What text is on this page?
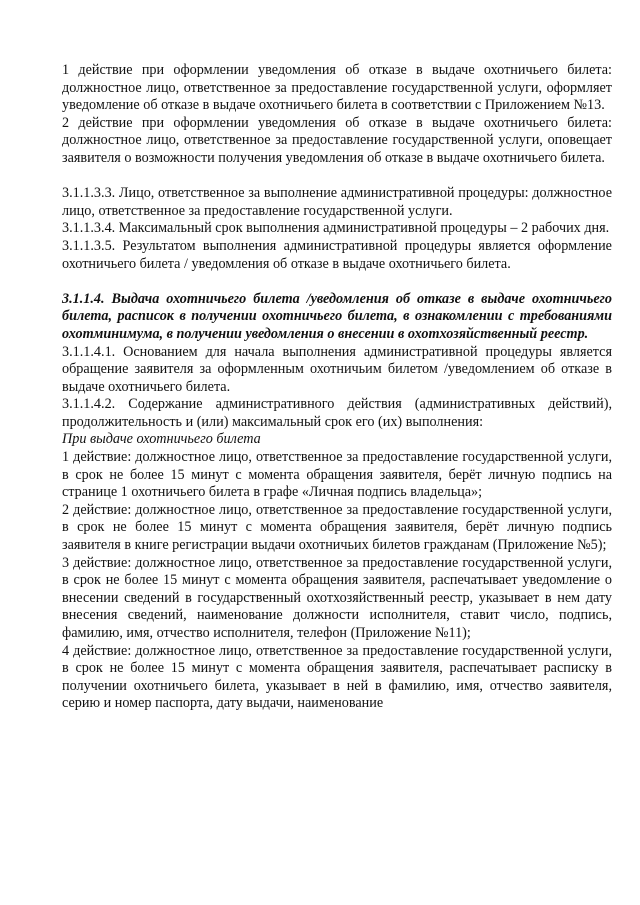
1 действие при оформлении уведомления об отказе в выдаче охотничьего билета: должностное лицо, ответственное за предоставление государственной услуги, оформляет уведомление об отказе в выдаче охотничьего билета в соответствии с Приложением №13.

2 действие при оформлении уведомления об отказе в выдаче охотничьего билета: должностное лицо, ответственное за предоставление государственной услуги, оповещает заявителя о возможности получения уведомления об отказе в выдаче охотничьего билета.

3.1.1.3.3. Лицо, ответственное за выполнение административной процедуры: должностное лицо, ответственное за предоставление государственной услуги.

3.1.1.3.4. Максимальный срок выполнения административной процедуры – 2 рабочих дня.

3.1.1.3.5. Результатом выполнения административной процедуры является оформление охотничьего билета / уведомления об отказе в выдаче охотничьего билета.

3.1.1.4. Выдача охотничьего билета /уведомления об отказе в выдаче охотничьего билета, расписок в получении охотничьего билета, в ознакомлении с требованиями охотминимума, в получении уведомления о внесении в охотхозяйственный реестр.

3.1.1.4.1. Основанием для начала выполнения административной процедуры является обращение заявителя за оформленным охотничьим билетом /уведомлением об отказе в выдаче охотничьего билета.

3.1.1.4.2. Содержание административного действия (административных действий), продолжительность и (или) максимальный срок его (их) выполнения:

При выдаче охотничьего билета

1 действие: должностное лицо, ответственное за предоставление государственной услуги, в срок не более 15 минут с момента обращения заявителя, берёт личную подпись на странице 1 охотничьего билета в графе «Личная подпись владельца»;

2 действие: должностное лицо, ответственное за предоставление государственной услуги, в срок не более 15 минут с момента обращения заявителя, берёт личную подпись заявителя в книге регистрации выдачи охотничьих билетов гражданам (Приложение №5);

3 действие: должностное лицо, ответственное за предоставление государственной услуги, в срок не более 15 минут с момента обращения заявителя, распечатывает уведомление о внесении сведений в государственный охотхозяйственный реестр, указывает в нем дату внесения сведений, наименование должности исполнителя, ставит число, подпись, фамилию, имя, отчество исполнителя, телефон (Приложение №11);

4 действие: должностное лицо, ответственное за предоставление государственной услуги, в срок не более 15 минут с момента обращения заявителя, распечатывает расписку в получении охотничьего билета, указывает в ней в фамилию, имя, отчество заявителя, серию и номер паспорта, дату выдачи, наименование
